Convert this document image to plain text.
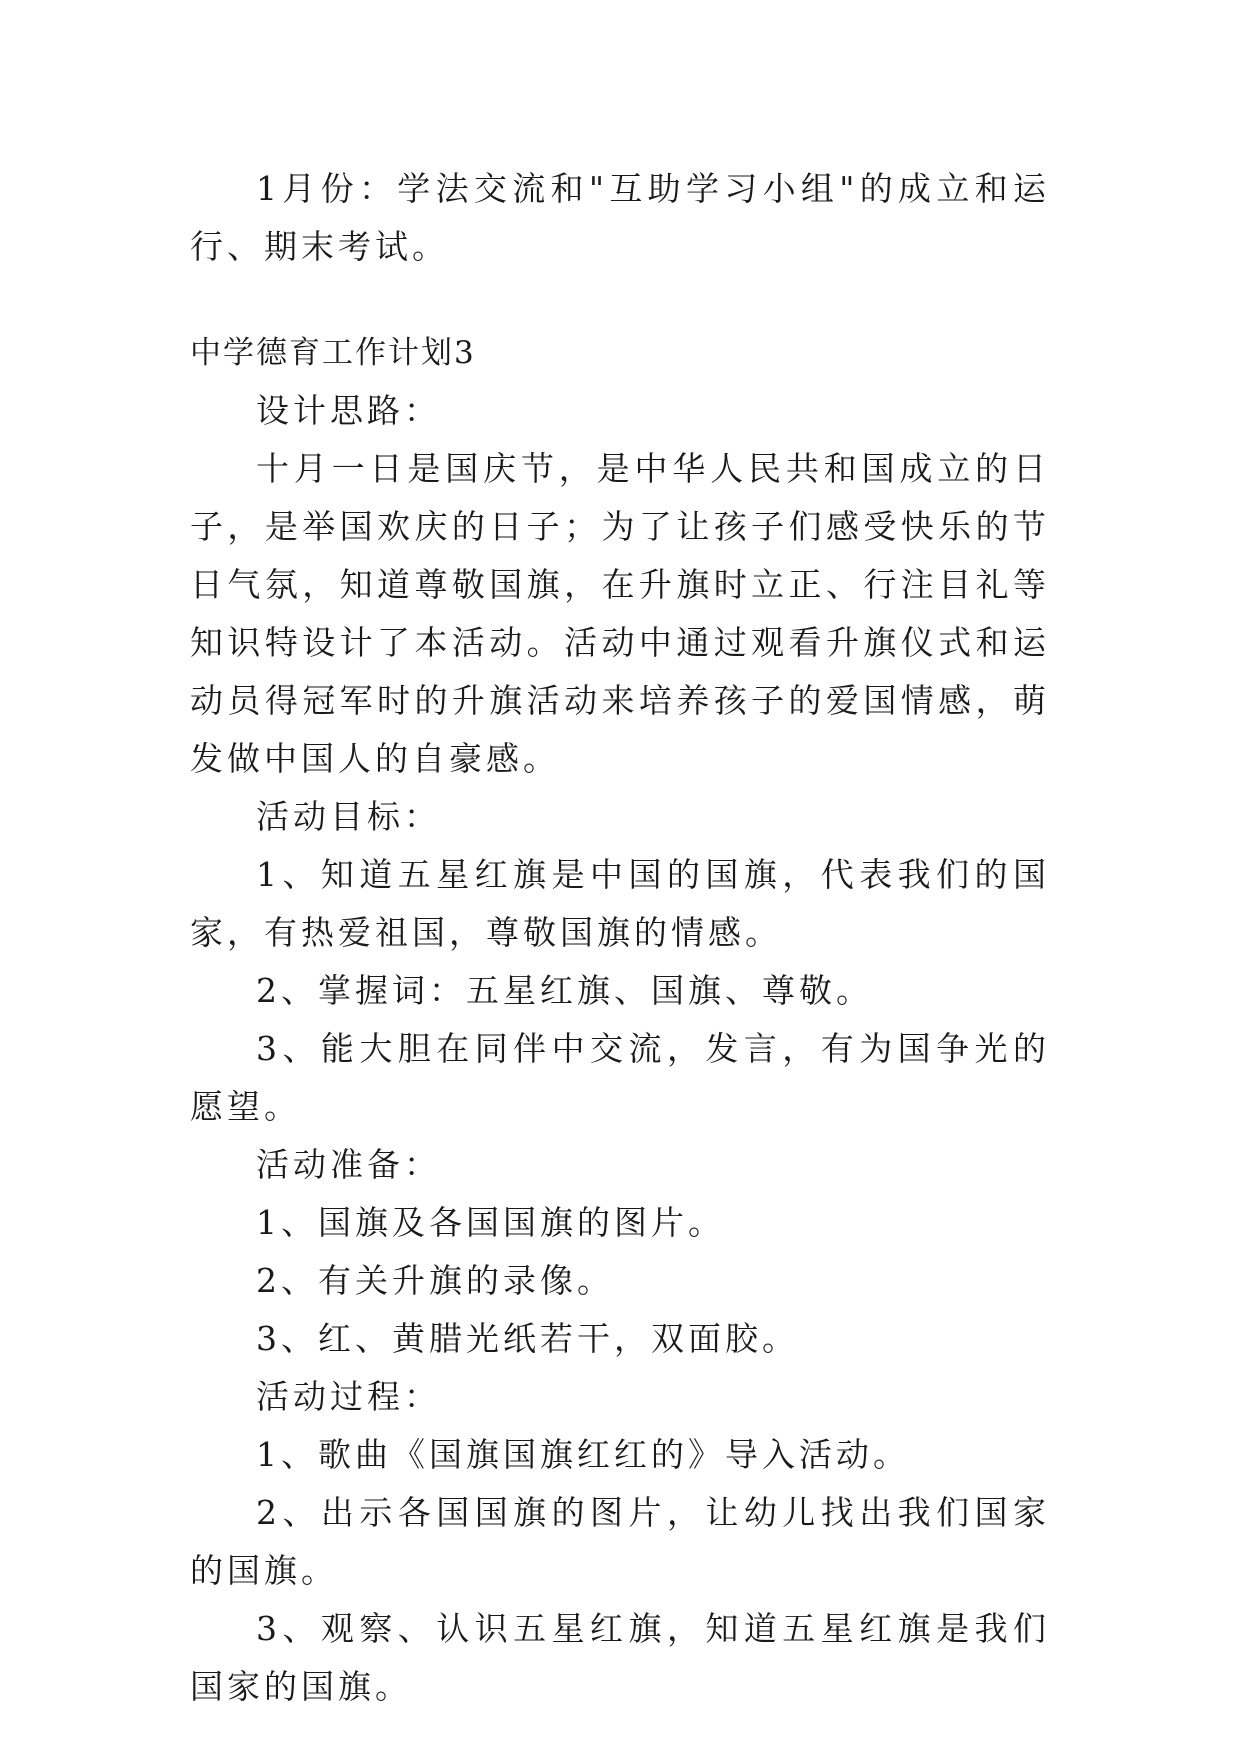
1月份：学法交流和"互助学习小组"的成立和运行、期末考试。

中学德育工作计划3

设计思路：

十月一日是国庆节，是中华人民共和国成立的日子，是举国欢庆的日子；为了让孩子们感受快乐的节日气氛，知道尊敬国旗，在升旗时立正、行注目礼等知识特设计了本活动。活动中通过观看升旗仪式和运动员得冠军时的升旗活动来培养孩子的爱国情感，萌发做中国人的自豪感。

活动目标：

1、知道五星红旗是中国的国旗，代表我们的国家，有热爱祖国，尊敬国旗的情感。

2、掌握词：五星红旗、国旗、尊敬。

3、能大胆在同伴中交流，发言，有为国争光的愿望。

活动准备：

1、国旗及各国国旗的图片。

2、有关升旗的录像。

3、红、黄腊光纸若干，双面胶。

活动过程：

1、歌曲《国旗国旗红红的》导入活动。

2、出示各国国旗的图片，让幼儿找出我们国家的国旗。

3、观察、认识五星红旗，知道五星红旗是我们国家的国旗。
